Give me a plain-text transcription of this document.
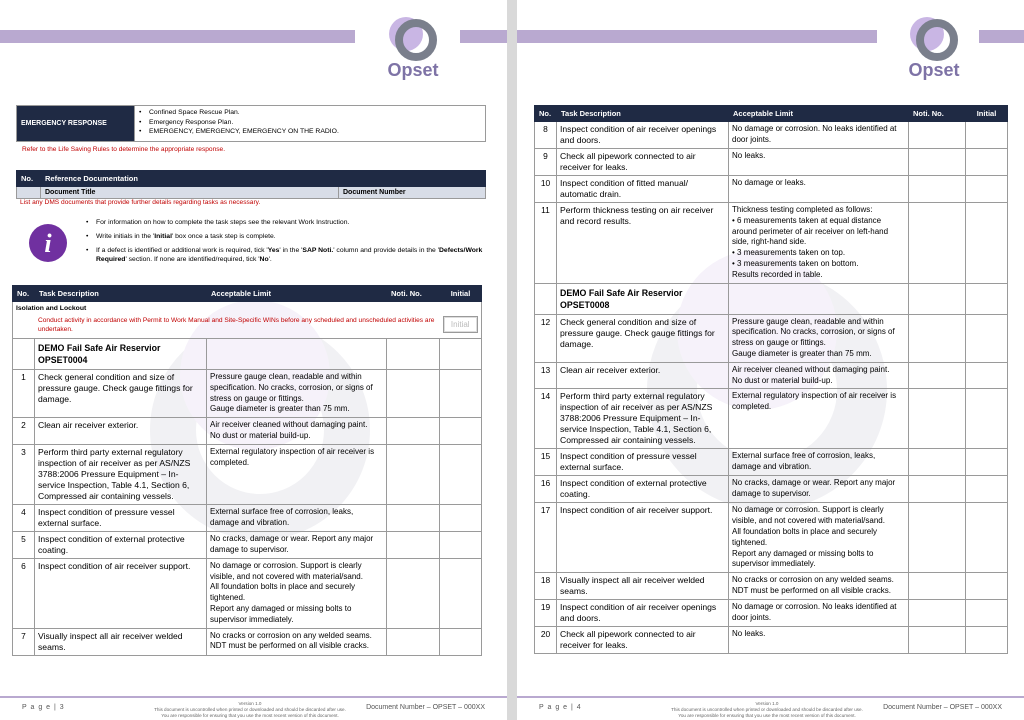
Opset
EMERGENCY RESPONSE	
• Confined Space Rescue Plan.
• Emergency Response Plan.
• EMERGENCY, EMERGENCY, EMERGENCY ON THE RADIO.
Refer to the Life Saving Rules to determine the appropriate response.
No.	Reference Documentation	
	Document Title	Document Number
List any DMS documents that provide further details regarding tasks as necessary.
i
• For information on how to complete the task steps see the relevant Work Instruction.
• Write initials in the 'Initial' box once a task step is complete.
• If a defect is identified or additional work is required, tick 'Yes' in the 'SAP Noti.' column and provide details in the 'Defects/Work Required' section. If none are identified/required, tick 'No'.
No.	Task Description	Acceptable Limit	Noti. No.	Initial

Isolation and Lockout
Conduct activity in accordance with Permit to Work Manual and Site-Specific WINs before any scheduled and unscheduled activities are undertaken.				Initial

	DEMO Fail Safe Air Reservior
OPSET0004			

1	Check general condition and size of pressure gauge. Check gauge fittings for damage.	Pressure gauge clean, readable and within specification. No cracks, corrosion, or signs of stress on gauge or fittings.
Gauge diameter is greater than 75 mm.		
2	Clean air receiver exterior.	Air receiver cleaned without damaging paint.
No dust or material build-up.		
3	Perform third party external regulatory inspection of air receiver as per AS/NZS 3788:2006 Pressure Equipment – In-service Inspection, Table 4.1, Section 6, Compressed air containing vessels.	External regulatory inspection of air receiver is completed.		
4	Inspect condition of pressure vessel external surface.	External surface free of corrosion, leaks, damage and vibration.		
5	Inspect condition of external protective coating.	No cracks, damage or wear. Report any major damage to supervisor.		
6	Inspect condition of air receiver support.	No damage or corrosion. Support is clearly visible, and not covered with material/sand.
All foundation bolts in place and securely tightened.
Report any damaged or missing bolts to supervisor immediately.		
7	Visually inspect all air receiver welded seams.	No cracks or corrosion on any welded seams.
NDT must be performed on all visible cracks.		
P a g e | 3
Version 1.0
This document is uncontrolled when printed or downloaded and should be discarded after use.
You are responsible for ensuring that you use the most recent version of this document.
Document Number – OPSET – 000XX
Opset
No.	Task Description	Acceptable Limit	Noti. No.	Initial
8	Inspect condition of air receiver openings and doors.	No damage or corrosion. No leaks identified at door joints.		
9	Check all pipework connected to air receiver for leaks.	No leaks.		
10	Inspect condition of fitted manual/ automatic drain.	No damage or leaks.		
11	Perform thickness testing on air receiver and record results.	Thickness testing completed as follows:
• 6 measurements taken at equal distance around perimeter of air receiver on left-hand side, right-hand side.
• 3 measurements taken on top.
• 3 measurements taken on bottom.
Results recorded in table.		

	DEMO Fail Safe Air Reservior
OPSET0008			

12	Check general condition and size of pressure gauge. Check gauge fittings for damage.	Pressure gauge clean, readable and within specification. No cracks, corrosion, or signs of stress on gauge or fittings.
Gauge diameter is greater than 75 mm.		
13	Clean air receiver exterior.	Air receiver cleaned without damaging paint.
No dust or material build-up.		
14	Perform third party external regulatory inspection of air receiver as per AS/NZS 3788:2006 Pressure Equipment – In-service Inspection, Table 4.1, Section 6, Compressed air containing vessels.	External regulatory inspection of air receiver is completed.		
15	Inspect condition of pressure vessel external surface.	External surface free of corrosion, leaks, damage and vibration.		
16	Inspect condition of external protective coating.	No cracks, damage or wear. Report any major damage to supervisor.		
17	Inspect condition of air receiver support.	No damage or corrosion. Support is clearly visible, and not covered with material/sand.
All foundation bolts in place and securely tightened.
Report any damaged or missing bolts to supervisor immediately.		
18	Visually inspect all air receiver welded seams.	No cracks or corrosion on any welded seams.
NDT must be performed on all visible cracks.		
19	Inspect condition of air receiver openings and doors.	No damage or corrosion. No leaks identified at door joints.		
20	Check all pipework connected to air receiver for leaks.	No leaks.		
P a g e | 4
Version 1.0
This document is uncontrolled when printed or downloaded and should be discarded after use.
You are responsible for ensuring that you use the most recent version of this document.
Document Number – OPSET – 000XX
